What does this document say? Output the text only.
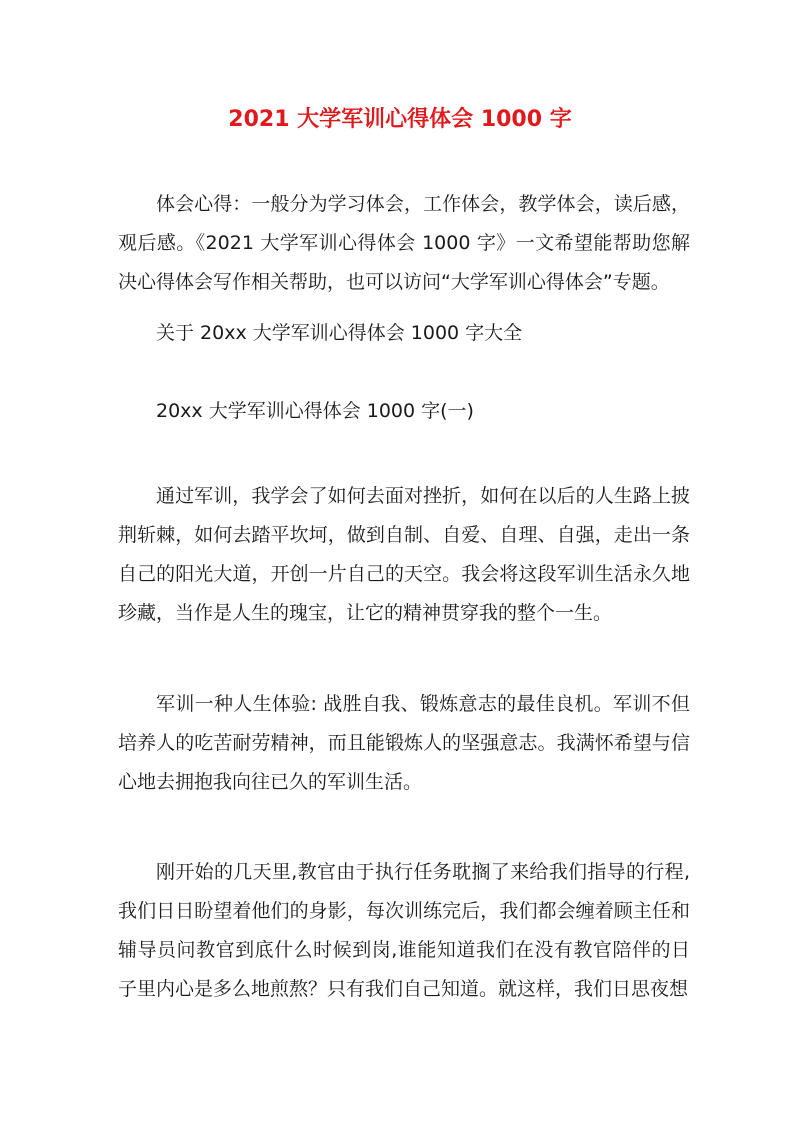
2021 大学军训心得体会 1000 字

体会心得：一般分为学习体会，工作体会，教学体会，读后感，观后感。《2021 大学军训心得体会 1000 字》一文希望能帮助您解决心得体会写作相关帮助，也可以访问“大学军训心得体会”专题。

关于 20xx 大学军训心得体会 1000 字大全

20xx 大学军训心得体会 1000 字(一)

通过军训，我学会了如何去面对挫折，如何在以后的人生路上披荆斩棘，如何去踏平坎坷，做到自制、自爱、自理、自强，走出一条自己的阳光大道，开创一片自己的天空。我会将这段军训生活永久地珍藏，当作是人生的瑰宝，让它的精神贯穿我的整个一生。

军训一种人生体验: 战胜自我、锻炼意志的最佳良机。军训不但培养人的吃苦耐劳精神，而且能锻炼人的坚强意志。我满怀希望与信心地去拥抱我向往已久的军训生活。

刚开始的几天里,教官由于执行任务耽搁了来给我们指导的行程,我们日日盼望着他们的身影，每次训练完后，我们都会缠着顾主任和辅导员问教官到底什么时候到岗,谁能知道我们在没有教官陪伴的日子里内心是多么地煎熬？只有我们自己知道。就这样，我们日思夜想
